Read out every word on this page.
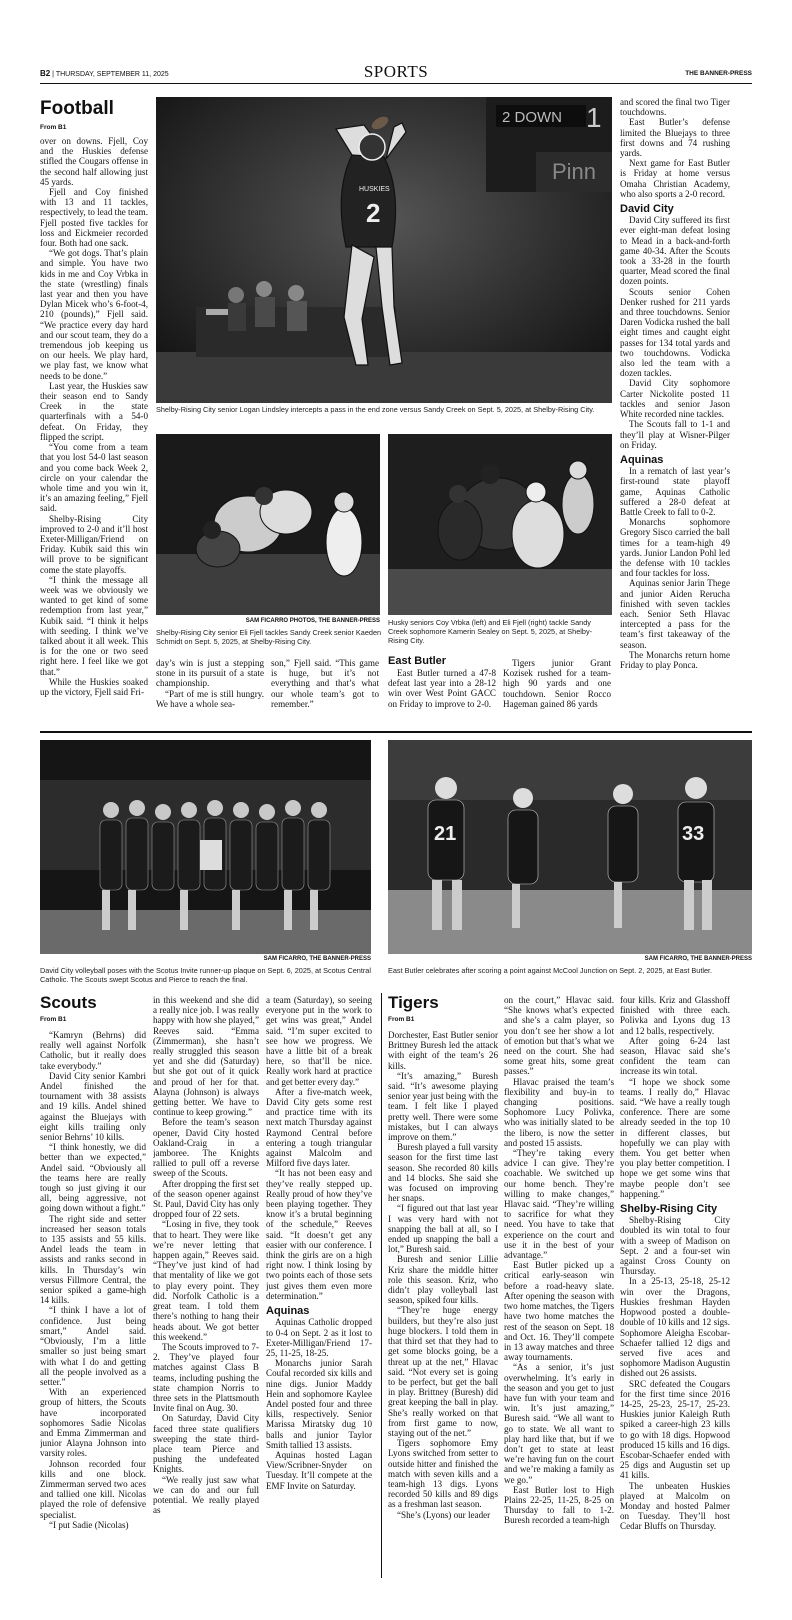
B2 | THURSDAY, SEPTEMBER 11, 2025	SPORTS	THE BANNER-PRESS
Football
From B1

over on downs. Fjell, Coy and the Huskies defense stifled the Cougars offense in the second half allowing just 45 yards.

Fjell and Coy finished with 13 and 11 tackles, respectively, to lead the team. Fjell posted five tackles for loss and Eickmeier recorded four. Both had one sack.

“We got dogs. That’s plain and simple. You have two kids in me and Coy Vrbka in the state (wrestling) finals last year and then you have Dylan Micek who’s 6-foot-4, 210 (pounds),” Fjell said. “We practice every day hard and our scout team, they do a tremendous job keeping us on our heels. We play hard, we play fast, we know what needs to be done.”

Last year, the Huskies saw their season end to Sandy Creek in the state quarterfinals with a 54-0 defeat. On Friday, they flipped the script.

“You come from a team that you lost 54-0 last season and you come back Week 2, circle on your calendar the whole time and you win it, it’s an amazing feeling,” Fjell said.

Shelby-Rising City improved to 2-0 and it’ll host Exeter-Milligan/Friend on Friday. Kubik said this win will prove to be significant come the state playoffs.

“I think the message all week was we obviously we wanted to get kind of some redemption from last year,” Kubik said. “I think it helps with seeding. I think we’ve talked about it all week. This is for the one or two seed right here. I feel like we got that.”

While the Huskies soaked up the victory, Fjell said Fri-

2 DOWN 1
Pinn
2
HUSKIES
Shelby-Rising City senior Logan Lindsley intercepts a pass in the end zone versus Sandy Creek on Sept. 5, 2025, at Shelby-Rising City.
SAM FICARRO PHOTOS, THE BANNER-PRESS
Shelby-Rising City senior Eli Fjell tackles Sandy Creek senior Kaeden Schmidt on Sept. 5, 2025, at Shelby-Rising City.
Husky seniors Coy Vrbka (left) and Eli Fjell (right) tackle Sandy Creek sophomore Kamerin Sealey on Sept. 5, 2025, at Shelby-Rising City.

day’s win is just a stepping stone in its pursuit of a state championship.

“Part of me is still hungry. We have a whole sea-

son,” Fjell said. “This game is huge, but it’s not everything and that’s what our whole team’s got to remember.”

East Butler

East Butler turned a 47-8 defeat last year into a 28-12 win over West Point GACC on Friday to improve to 2-0.

Tigers junior Grant Kozisek rushed for a team-high 90 yards and one touchdown. Senior Rocco Hageman gained 86 yards

and scored the final two Tiger touchdowns.

East Butler’s defense limited the Bluejays to three first downs and 74 rushing yards.

Next game for East Butler is Friday at home versus Omaha Christian Academy, who also sports a 2-0 record.

David City

David City suffered its first ever eight-man defeat losing to Mead in a back-and-forth game 40-34. After the Scouts took a 33-28 in the fourth quarter, Mead scored the final dozen points.

Scouts senior Cohen Denker rushed for 211 yards and three touchdowns. Senior Daren Vodicka rushed the ball eight times and caught eight passes for 134 total yards and two touchdowns. Vodicka also led the team with a dozen tackles.

David City sophomore Carter Nickolite posted 11 tackles and senior Jason White recorded nine tackles.

The Scouts fall to 1-1 and they’ll play at Wisner-Pilger on Friday.

Aquinas

In a rematch of last year’s first-round state playoff game, Aquinas Catholic suffered a 28-0 defeat at Battle Creek to fall to 0-2.

Monarchs sophomore Gregory Sisco carried the ball times for a team-high 49 yards. Junior Landon Pohl led the defense with 10 tackles and four tackles for loss.

Aquinas senior Jarin Thege and junior Aiden Rerucha finished with seven tackles each. Senior Seth Hlavac intercepted a pass for the team’s first takeaway of the season.

The Monarchs return home Friday to play Ponca.

SAM FICARRO, THE BANNER-PRESS
David City volleyball poses with the Scotus Invite runner-up plaque on Sept. 6, 2025, at Scotus Central Catholic. The Scouts swept Scotus and Pierce to reach the final.
21	33
SAM FICARRO, THE BANNER-PRESS
East Butler celebrates after scoring a point against McCool Junction on Sept. 2, 2025, at East Butler.
Scouts
From B1

“Kamryn (Behrns) did really well against Norfolk Catholic, but it really does take everybody.”

David City senior Kambri Andel finished the tournament with 38 assists and 19 kills. Andel shined against the Bluejays with eight kills trailing only senior Behrns’ 10 kills.

“I think honestly, we did better than we expected,” Andel said. “Obviously all the teams here are really tough so just giving it our all, being aggressive, not going down without a fight.”

The right side and setter increased her season totals to 135 assists and 55 kills. Andel leads the team in assists and ranks second in kills. In Thursday’s win versus Fillmore Central, the senior spiked a game-high 14 kills.

“I think I have a lot of confidence. Just being smart,” Andel said. “Obviously, I’m a little smaller so just being smart with what I do and getting all the people involved as a setter.”

With an experienced group of hitters, the Scouts have incorporated sophomores Sadie Nicolas and Emma Zimmerman and junior Alayna Johnson into varsity roles.

Johnson recorded four kills and one block. Zimmerman served two aces and tallied one kill. Nicolas played the role of defensive specialist.

“I put Sadie (Nicolas)

in this weekend and she did a really nice job. I was really happy with how she played,” Reeves said. “Emma (Zimmerman), she hasn’t really struggled this season yet and she did (Saturday) but she got out of it quick and proud of her for that. Alayna (Johnson) is always getting better. We have to continue to keep growing.”

Before the team’s season opener, David City hosted Oakland-Craig in a jamboree. The Knights rallied to pull off a reverse sweep of the Scouts.

After dropping the first set of the season opener against St. Paul, David City has only dropped four of 22 sets.

“Losing in five, they took that to heart. They were like we’re never letting that happen again,” Reeves said. “They’ve just kind of had that mentality of like we got to play every point. They did. Norfolk Catholic is a great team. I told them there’s nothing to hang their heads about. We got better this weekend.”

The Scouts improved to 7-2. They’ve played four matches against Class B teams, including pushing the state champion Norris to three sets in the Plattsmouth Invite final on Aug. 30.

On Saturday, David City faced three state qualifiers sweeping the state third-place team Pierce and pushing the undefeated Knights.

“We really just saw what we can do and our full potential. We really played as

a team (Saturday), so seeing everyone put in the work to get wins was great,” Andel said. “I’m super excited to see how we progress. We have a little bit of a break here, so that’ll be nice. Really work hard at practice and get better every day.”

After a five-match week, David City gets some rest and practice time with its next match Thursday against Raymond Central before entering a tough triangular against Malcolm and Milford five days later.

“It has not been easy and they’ve really stepped up. Really proud of how they’ve been playing together. They know it’s a brutal beginning of the schedule,” Reeves said. “It doesn’t get any easier with our conference. I think the girls are on a high right now. I think losing by two points each of those sets just gives them even more determination.”

Aquinas

Aquinas Catholic dropped to 0-4 on Sept. 2 as it lost to Exeter-Milligan/Friend 17-25, 11-25, 18-25.

Monarchs junior Sarah Coufal recorded six kills and nine digs. Junior Maddy Hein and sophomore Kaylee Andel posted four and three kills, respectively. Senior Marissa Miratsky dug 10 balls and junior Taylor Smith tallied 13 assists.

Aquinas hosted Lagan View/Scribner-Snyder on Tuesday. It’ll compete at the EMF Invite on Saturday.

Tigers
From B1

Dorchester, East Butler senior Brittney Buresh led the attack with eight of the team’s 26 kills.

“It’s amazing,” Buresh said. “It’s awesome playing senior year just being with the team. I felt like I played pretty well. There were some mistakes, but I can always improve on them.”

Buresh played a full varsity season for the first time last season. She recorded 80 kills and 14 blocks. She said she was focused on improving her snaps.

“I figured out that last year I was very hard with not snapping the ball at all, so I ended up snapping the ball a lot,” Buresh said.

Buresh and senior Lillie Kriz share the middle hitter role this season. Kriz, who didn’t play volleyball last season, spiked four kills.

“They’re huge energy builders, but they’re also just huge blockers. I told them in that third set that they had to get some blocks going, be a threat up at the net,” Hlavac said. “Not every set is going to be perfect, but get the ball in play. Brittney (Buresh) did great keeping the ball in play. She’s really worked on that from first game to now, staying out of the net.”

Tigers sophomore Emy Lyons switched from setter to outside hitter and finished the match with seven kills and a team-high 13 digs. Lyons recorded 50 kills and 89 digs as a freshman last season.

“She’s (Lyons) our leader

on the court,” Hlavac said. “She knows what’s expected and she’s a calm player, so you don’t see her show a lot of emotion but that’s what we need on the court. She had some great hits, some great passes.”

Hlavac praised the team’s flexibility and buy-in to changing positions. Sophomore Lucy Polivka, who was initially slated to be the libero, is now the setter and posted 15 assists.

“They’re taking every advice I can give. They’re coachable. We switched up our home bench. They’re willing to make changes,” Hlavac said. “They’re willing to sacrifice for what they need. You have to take that experience on the court and use it in the best of your advantage.”

East Butler picked up a critical early-season win before a road-heavy slate. After opening the season with two home matches, the Tigers have two home matches the rest of the season on Sept. 18 and Oct. 16. They’ll compete in 13 away matches and three away tournaments.

“As a senior, it’s just overwhelming. It’s early in the season and you get to just have fun with your team and win. It’s just amazing,” Buresh said. “We all want to go to state. We all want to play hard like that, but if we don’t get to state at least we’re having fun on the court and we’re making a family as we go.”

East Butler lost to High Plains 22-25, 11-25, 8-25 on Thursday to fall to 1-2. Buresh recorded a team-high

four kills. Kriz and Glasshoff finished with three each. Polivka and Lyons dug 13 and 12 balls, respectively.

After going 6-24 last season, Hlavac said she’s confident the team can increase its win total.

“I hope we shock some teams. I really do,” Hlavac said. “We have a really tough conference. There are some already seeded in the top 10 in different classes, but hopefully we can play with them. You get better when you play better competition. I hope we get some wins that maybe people don’t see happening.”

Shelby-Rising City

Shelby-Rising City doubled its win total to four with a sweep of Madison on Sept. 2 and a four-set win against Cross County on Thursday.

In a 25-13, 25-18, 25-12 win over the Dragons, Huskies freshman Hayden Hopwood posted a double-double of 10 kills and 12 sigs. Sophomore Aleigha Escobar-Schaefer tallied 12 digs and served five aces and sophomore Madison Augustin dished out 26 assists.

SRC defeated the Cougars for the first time since 2016 14-25, 25-23, 25-17, 25-23. Huskies junior Kaleigh Ruth spiked a career-high 23 kills to go with 18 digs. Hopwood produced 15 kills and 16 digs. Escobar-Schaefer ended with 25 digs and Augustin set up 41 kills.

The unbeaten Huskies played at Malcolm on Monday and hosted Palmer on Tuesday. They’ll host Cedar Bluffs on Thursday.
